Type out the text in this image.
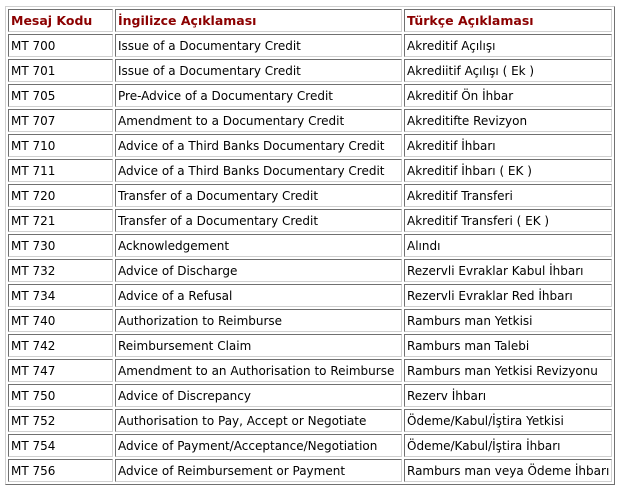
Mesaj Kodu	İngilizce Açıklaması	Türkçe Açıklaması
MT 700	Issue of a Documentary Credit	Akreditif Açılışı
MT 701	Issue of a Documentary Credit	Akrediitif Açılışı ( Ek )
MT 705	Pre-Advice of a Documentary Credit	Akreditif Ön İhbar
MT 707	Amendment to a Documentary Credit	Akreditifte Revizyon
MT 710	Advice of a Third Banks Documentary Credit	Akreditif İhbarı
MT 711	Advice of a Third Banks Documentary Credit	Akreditif İhbarı ( EK )
MT 720	Transfer of a Documentary Credit	Akreditif Transferi
MT 721	Transfer of a Documentary Credit	Akreditif Transferi ( EK )
MT 730	Acknowledgement	Alındı
MT 732	Advice of Discharge	Rezervli Evraklar Kabul İhbarı
MT 734	Advice of a Refusal	Rezervli Evraklar Red İhbarı
MT 740	Authorization to Reimburse	Ramburs man Yetkisi
MT 742	Reimbursement Claim	Ramburs man Talebi
MT 747	Amendment to an Authorisation to Reimburse	Ramburs man Yetkisi Revizyonu
MT 750	Advice of Discrepancy	Rezerv İhbarı
MT 752	Authorisation to Pay, Accept or Negotiate	Ödeme/Kabul/İştira Yetkisi
MT 754	Advice of Payment/Acceptance/Negotiation	Ödeme/Kabul/İştira İhbarı
MT 756	Advice of Reimbursement or Payment	Ramburs man veya Ödeme İhbarı
